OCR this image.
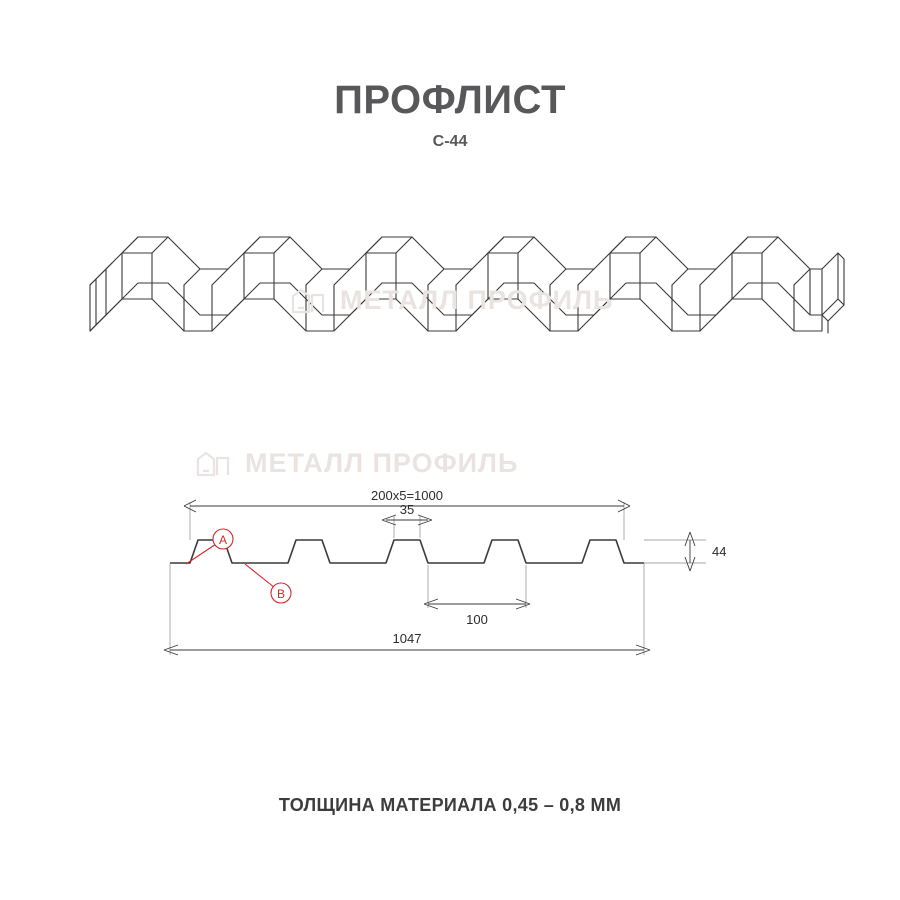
ПРОФЛИСТ
С-44
МЕТАЛЛ ПРОФИЛЬ
200х5=1000
35
100
44
1047
A
B
МЕТАЛЛ ПРОФИЛЬ
ТОЛЩИНА МАТЕРИАЛА 0,45 – 0,8 ММ
